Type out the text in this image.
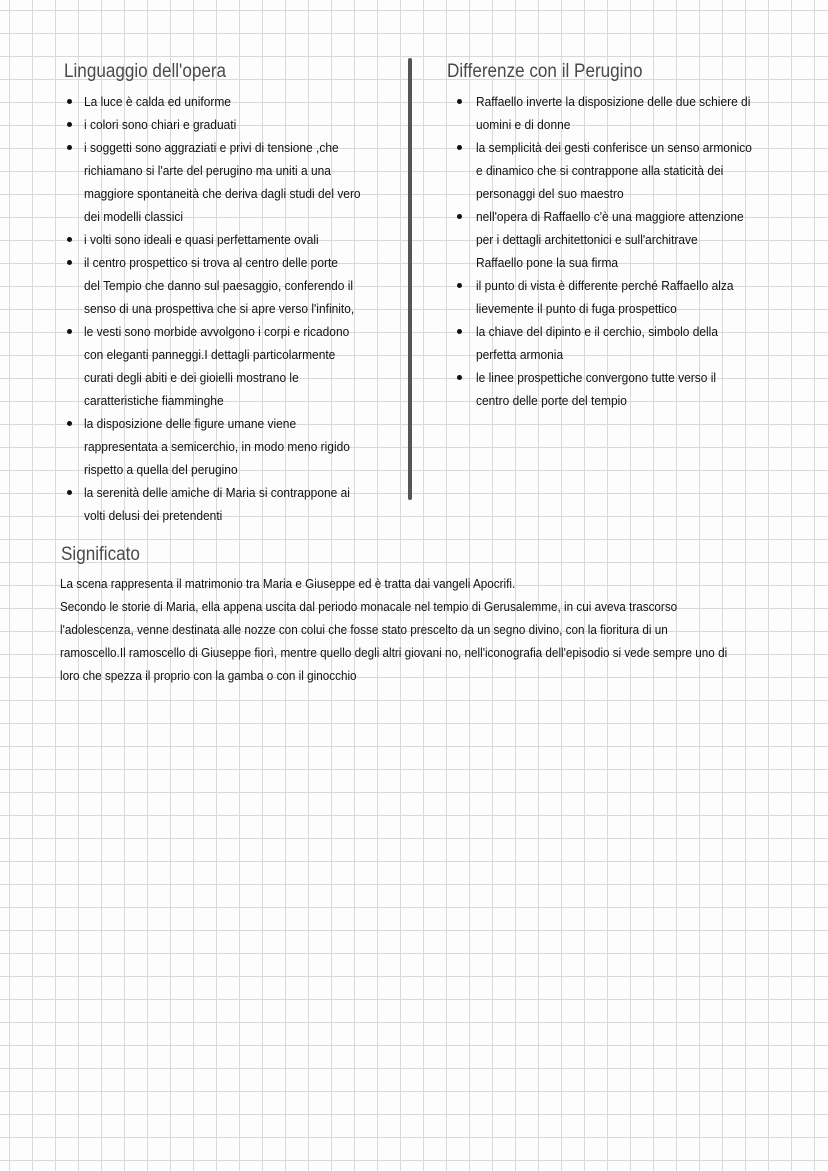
Linguaggio dell'opera
La luce è calda ed uniforme
i colori sono chiari e graduati
i soggetti sono aggraziati e privi di tensione ,che
richiamano si l'arte del perugino ma uniti a una
maggiore spontaneità che deriva dagli studi del vero
dei modelli classici
i volti sono ideali e quasi perfettamente ovali
il centro prospettico si trova al centro delle porte
del Tempio che danno sul paesaggio, conferendo il
senso di una prospettiva che si apre verso l'infinito,
le vesti sono morbide avvolgono i corpi e ricadono
con eleganti panneggi.I dettagli particolarmente
curati degli abiti e dei gioielli mostrano le
caratteristiche fiamminghe
la disposizione delle figure umane viene
rappresentata a semicerchio, in modo meno rigido
rispetto a quella del perugino
la serenità delle amiche di Maria si contrappone ai
volti delusi dei pretendenti
Differenze con il Perugino
Raffaello inverte la disposizione delle due schiere di
uomini e di donne
la semplicità dei gesti conferisce un senso armonico
e dinamico che si contrappone alla staticità dei
personaggi del suo maestro
nell'opera di Raffaello c'è una maggiore attenzione
per i dettagli architettonici e sull'architrave
Raffaello pone la sua firma
il punto di vista è differente perché Raffaello alza
lievemente il punto di fuga prospettico
la chiave del dipinto e il cerchio, simbolo della
perfetta armonia
le linee prospettiche convergono tutte verso il
centro delle porte del tempio
Significato
La scena rappresenta il matrimonio tra Maria e Giuseppe ed è tratta dai vangeli Apocrifi.
Secondo le storie di Maria, ella appena uscita dal periodo monacale nel tempio di Gerusalemme, in cui aveva trascorso
l'adolescenza, venne destinata alle nozze con colui che fosse stato prescelto da un segno divino, con la fioritura di un
ramoscello.Il ramoscello di Giuseppe fiorì, mentre quello degli altri giovani no, nell'iconografia dell'episodio si vede sempre uno di
loro che spezza il proprio con la gamba o con il ginocchio
